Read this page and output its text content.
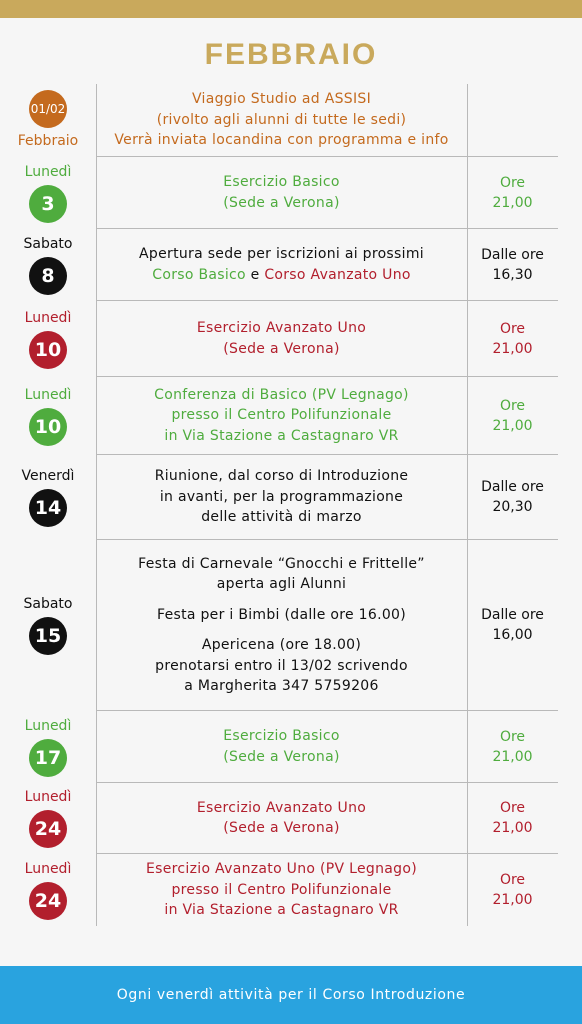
FEBBRAIO
01/02
Febbraio
Viaggio Studio ad ASSISI
(rivolto agli alunni di tutte le sedi)
Verrà inviata locandina con programma e info
Lunedì
3
Esercizio Basico
(Sede a Verona)
Ore
21,00
Sabato
8
Apertura sede per iscrizioni ai prossimi
Corso Basico e Corso Avanzato Uno
Dalle ore
16,30
Lunedì
10
Esercizio Avanzato Uno
(Sede a Verona)
Ore
21,00
Lunedì
10
Conferenza di Basico (PV Legnago)
presso il Centro Polifunzionale
in Via Stazione a Castagnaro VR
Ore
21,00
Venerdì
14
Riunione, dal corso di Introduzione
in avanti, per la programmazione
delle attività di marzo
Dalle ore
20,30
Sabato
15
Festa di Carnevale “Gnocchi e Frittelle”
aperta agli Alunni
Festa per i Bimbi (dalle ore 16.00)
Apericena (ore 18.00)
prenotarsi entro il 13/02 scrivendo
a Margherita 347 5759206
Dalle ore
16,00
Lunedì
17
Esercizio Basico
(Sede a Verona)
Ore
21,00
Lunedì
24
Esercizio Avanzato Uno
(Sede a Verona)
Ore
21,00
Lunedì
24
Esercizio Avanzato Uno (PV Legnago)
presso il Centro Polifunzionale
in Via Stazione a Castagnaro VR
Ore
21,00
Ogni venerdì attività per il Corso Introduzione
